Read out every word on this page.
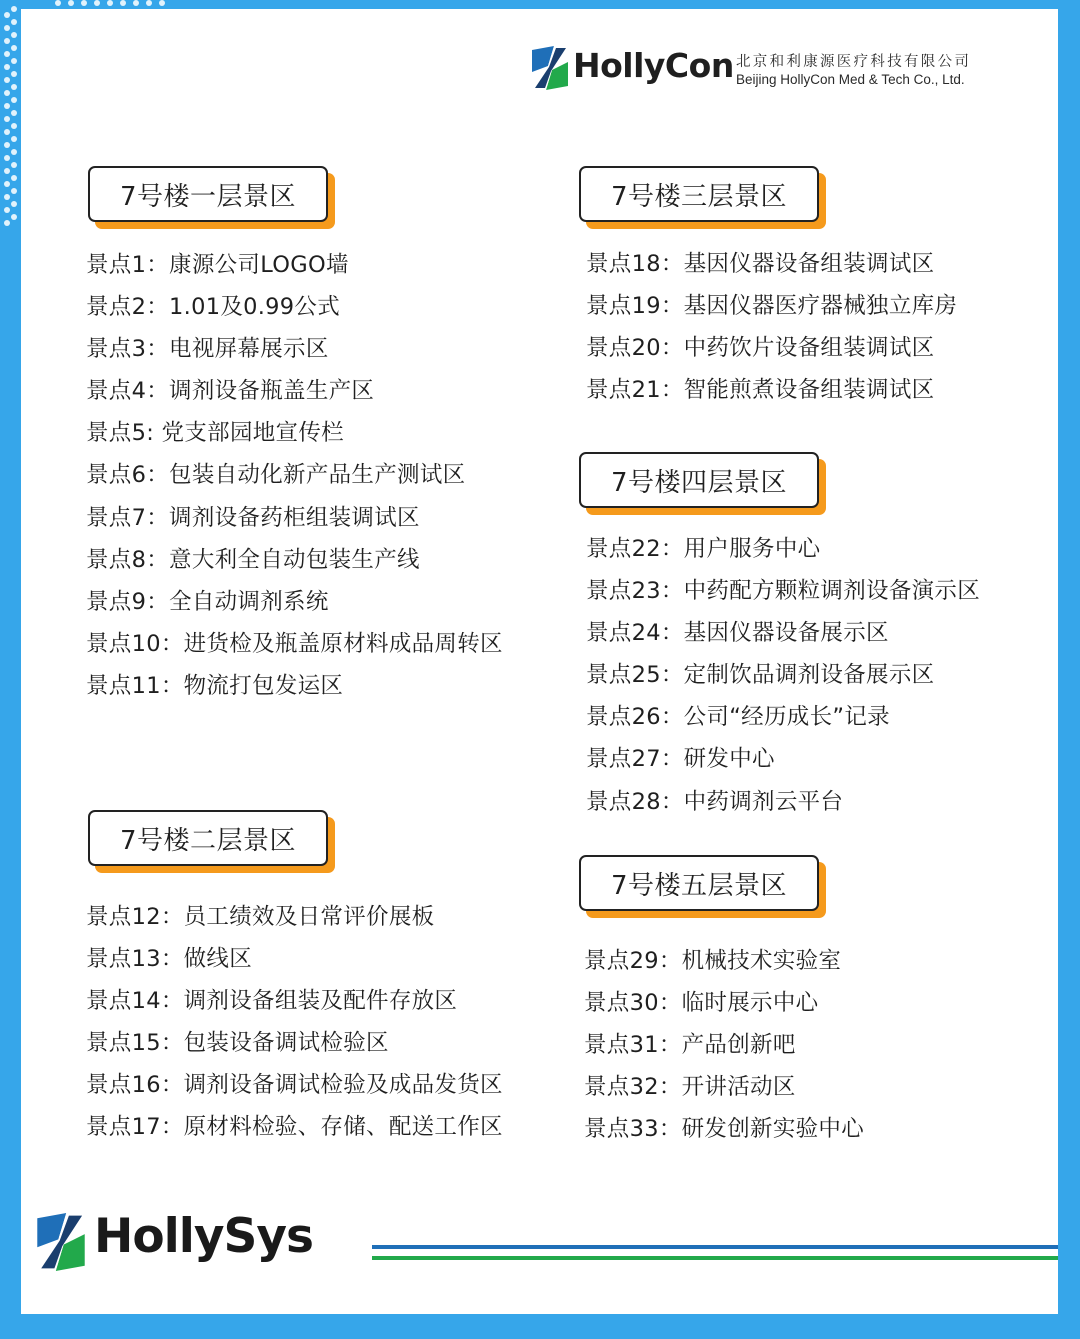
HollyCon 北京和利康源医疗科技有限公司
Beijing HollyCon Med & Tech Co., Ltd.
7号楼一层景区
景点1：康源公司LOGO墙
景点2：1.01及0.99公式
景点3：电视屏幕展示区
景点4：调剂设备瓶盖生产区
景点5: 党支部园地宣传栏
景点6：包装自动化新产品生产测试区
景点7：调剂设备药柜组装调试区
景点8：意大利全自动包装生产线
景点9：全自动调剂系统
景点10：进货检及瓶盖原材料成品周转区
景点11：物流打包发运区
7号楼二层景区
景点12：员工绩效及日常评价展板
景点13：做线区
景点14：调剂设备组装及配件存放区
景点15：包装设备调试检验区
景点16：调剂设备调试检验及成品发货区
景点17：原材料检验、存储、配送工作区
7号楼三层景区
景点18：基因仪器设备组装调试区
景点19：基因仪器医疗器械独立库房
景点20：中药饮片设备组装调试区
景点21：智能煎煮设备组装调试区
7号楼四层景区
景点22：用户服务中心
景点23：中药配方颗粒调剂设备演示区
景点24：基因仪器设备展示区
景点25：定制饮品调剂设备展示区
景点26：公司“经历成长”记录
景点27：研发中心
景点28：中药调剂云平台
7号楼五层景区
景点29：机械技术实验室
景点30：临时展示中心
景点31：产品创新吧
景点32：开讲活动区
景点33：研发创新实验中心
HollySys
